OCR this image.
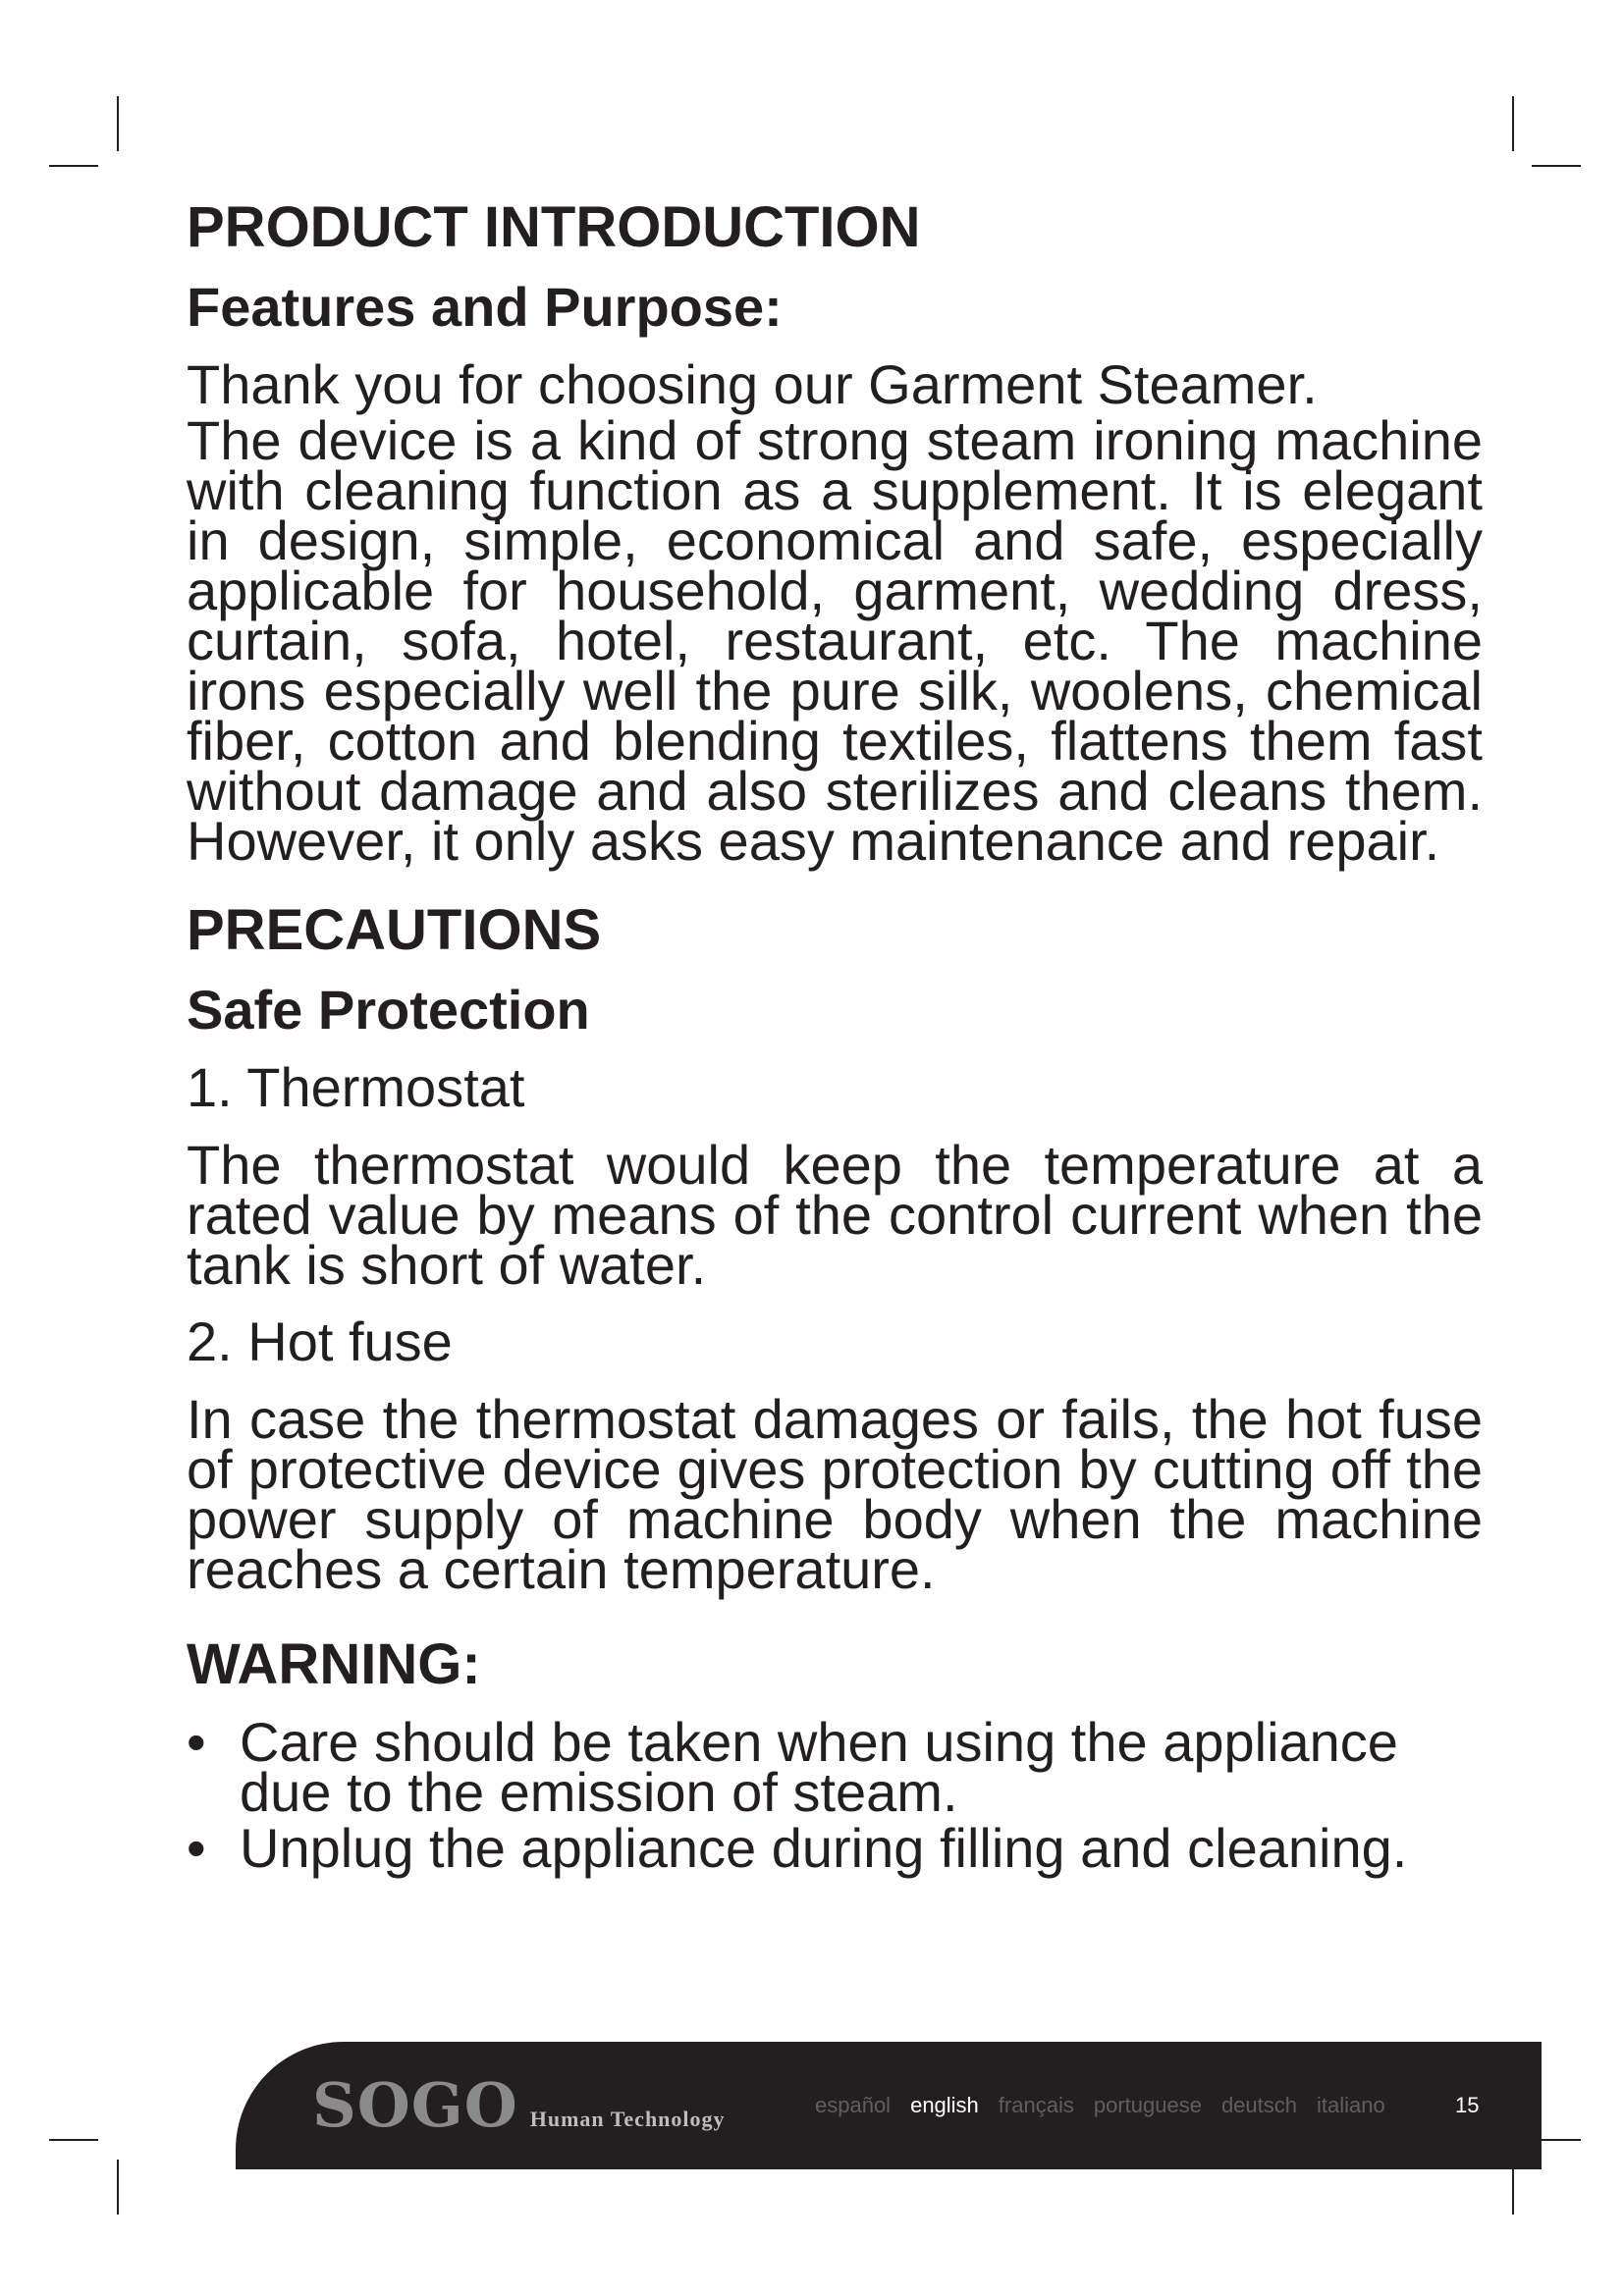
PRODUCT INTRODUCTION
Features and Purpose:

Thank you for choosing our Garment Steamer.

The device is a kind of strong steam ironing machine with cleaning function as a supplement. It is elegant in design, simple, economical and safe, especially applicable for household, garment, wedding dress, curtain, sofa, hotel, restaurant, etc. The machine irons especially well the pure silk, woolens, chemical fiber, cotton and blending textiles, flattens them fast without damage and also sterilizes and cleans them. However, it only asks easy maintenance and repair.

PRECAUTIONS
Safe Protection

1. Thermostat

The thermostat would keep the temperature at a rated value by means of the control current when the tank is short of water.

2. Hot fuse

In case the thermostat damages or fails, the hot fuse of protective device gives protection by cutting off the power supply of machine body when the machine reaches a certain temperature.

WARNING:
• Care should be taken when using the appliance due to the emission of steam.
• Unplug the appliance during filling and cleaning.
SOGO Human Technology
español english français portuguese deutsch italiano	15
